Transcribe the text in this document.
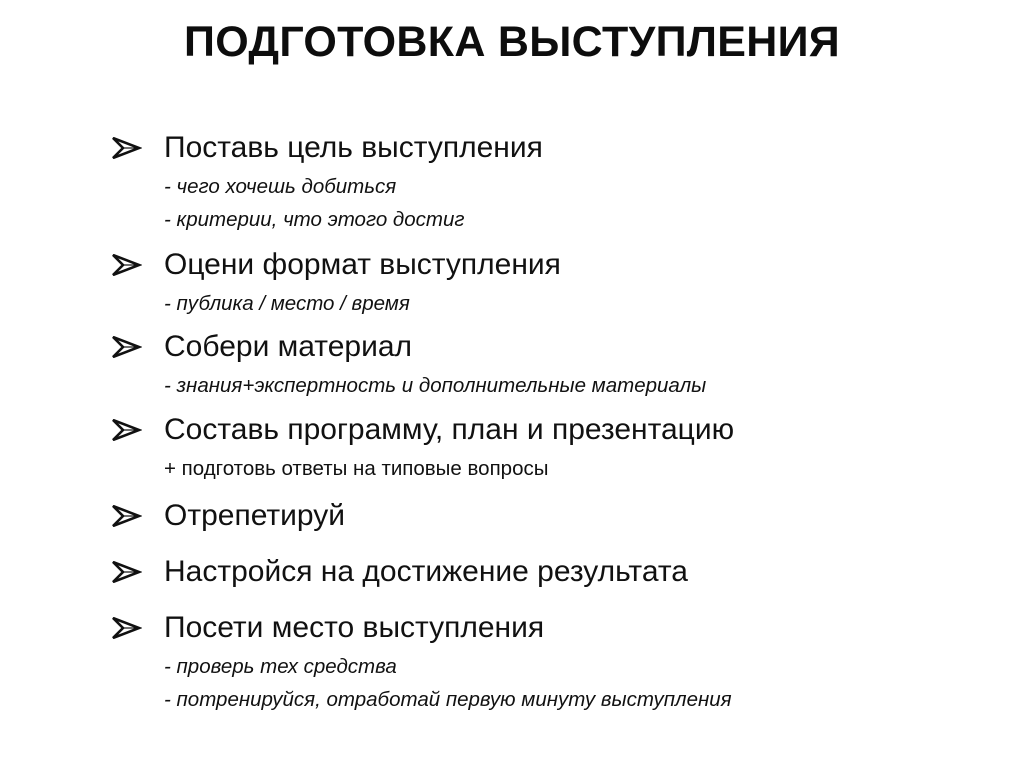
ПОДГОТОВКА ВЫСТУПЛЕНИЯ
Поставь цель выступления
- чего хочешь добиться
- критерии, что этого достиг
Оцени формат выступления
- публика / место / время
Собери материал
- знания+экспертность и дополнительные материалы
Составь программу, план и презентацию
+ подготовь ответы на типовые вопросы
Отрепетируй
Настройся на достижение результата
Посети место выступления
- проверь тех средства
- потренируйся, отработай первую минуту выступления
